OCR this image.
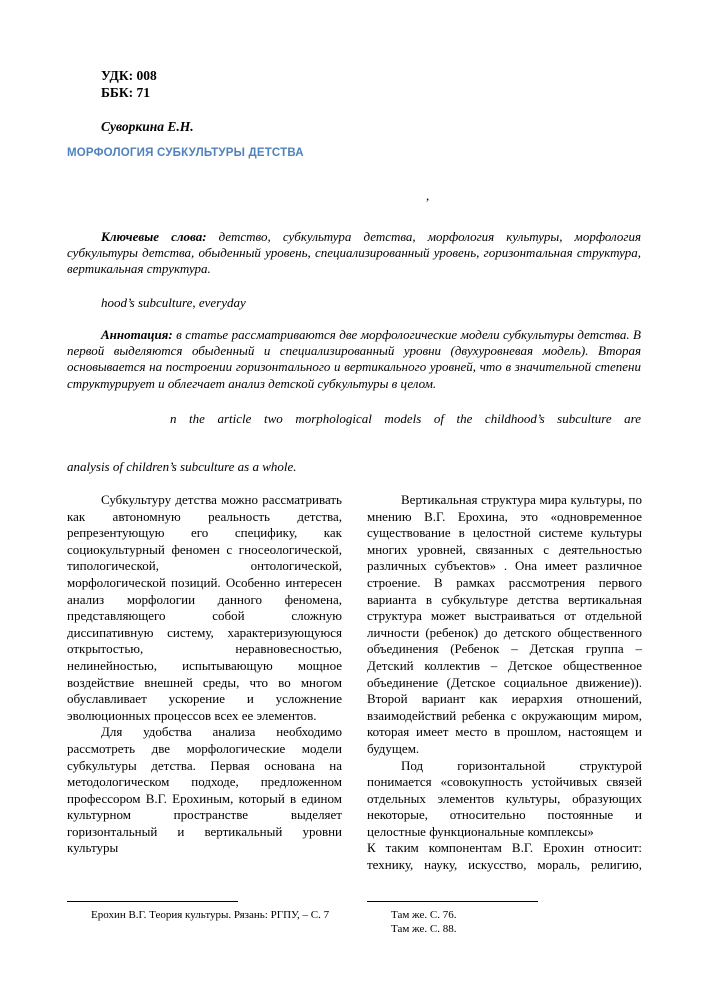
УДК: 008
ББК: 71
Суворкина Е.Н.
МОРФОЛОГИЯ СУБКУЛЬТУРЫ ДЕТСТВА
,
Ключевые слова: детство, субкультура детства, морфология культуры, морфология субкультуры детства, обыденный уровень, специализированный уровень, горизонтальная структура, вертикальная структура.
hood’s subculture, everyday
Аннотация: в статье рассматриваются две морфологические модели субкультуры детства. В первой выделяются обыденный и специализированный уровни (двухуровневая модель). Вторая основывается на построении горизонтального и вертикального уровней, что в значительной степени структурирует и облегчает анализ детской субкультуры в целом.
n the article two morphological models of the childhood’s subculture are
analysis of children’s subculture as a whole.

Субкультуру детства можно рассматривать как автономную реальность детства, репрезентующую его специфику, как социокультурный феномен с гносеологической, типологической, онтологической, морфологической позиций. Особенно интересен анализ морфологии данного феномена, представляющего собой сложную диссипативную систему, характеризующуюся открытостью, неравновесностью, нелинейностью, испытывающую мощное воздействие внешней среды, что во многом обуславливает ускорение и усложнение эволюционных процессов всех ее элементов.

Для удобства анализа необходимо рассмотреть две морфологические модели субкультуры детства. Первая основана на методологическом подходе, предложенном профессором В.Г. Ерохиным, который в едином культурном пространстве выделяет горизонтальный и вертикальный уровни культуры

Вертикальная структура мира культуры, по мнению В.Г. Ерохина, это «одновременное существование в целостной системе культуры многих уровней, связанных с деятельностью различных субъектов» . Она имеет различное строение. В рамках рассмотрения первого варианта в субкультуре детства вертикальная структура может выстраиваться от отдельной личности (ребенок) до детского общественного объединения (Ребенок – Детская группа – Детский коллектив – Детское общественное объединение (Детское социальное движение)). Второй вариант как иерархия отношений, взаимодействий ребенка с окружающим миром, которая имеет место в прошлом, настоящем и будущем.

Под горизонтальной структурой понимается «совокупность устойчивых связей отдельных элементов культуры, образующих некоторые, относительно постоянные и целостные функциональные комплексы»

К таким компонентам В.Г. Ерохин относит: технику, науку, искусство, мораль, религию,

Ерохин В.Г. Теория культуры. Рязань: РГПУ, – С. 7	Там же. С. 76.
Там же. С. 88.
